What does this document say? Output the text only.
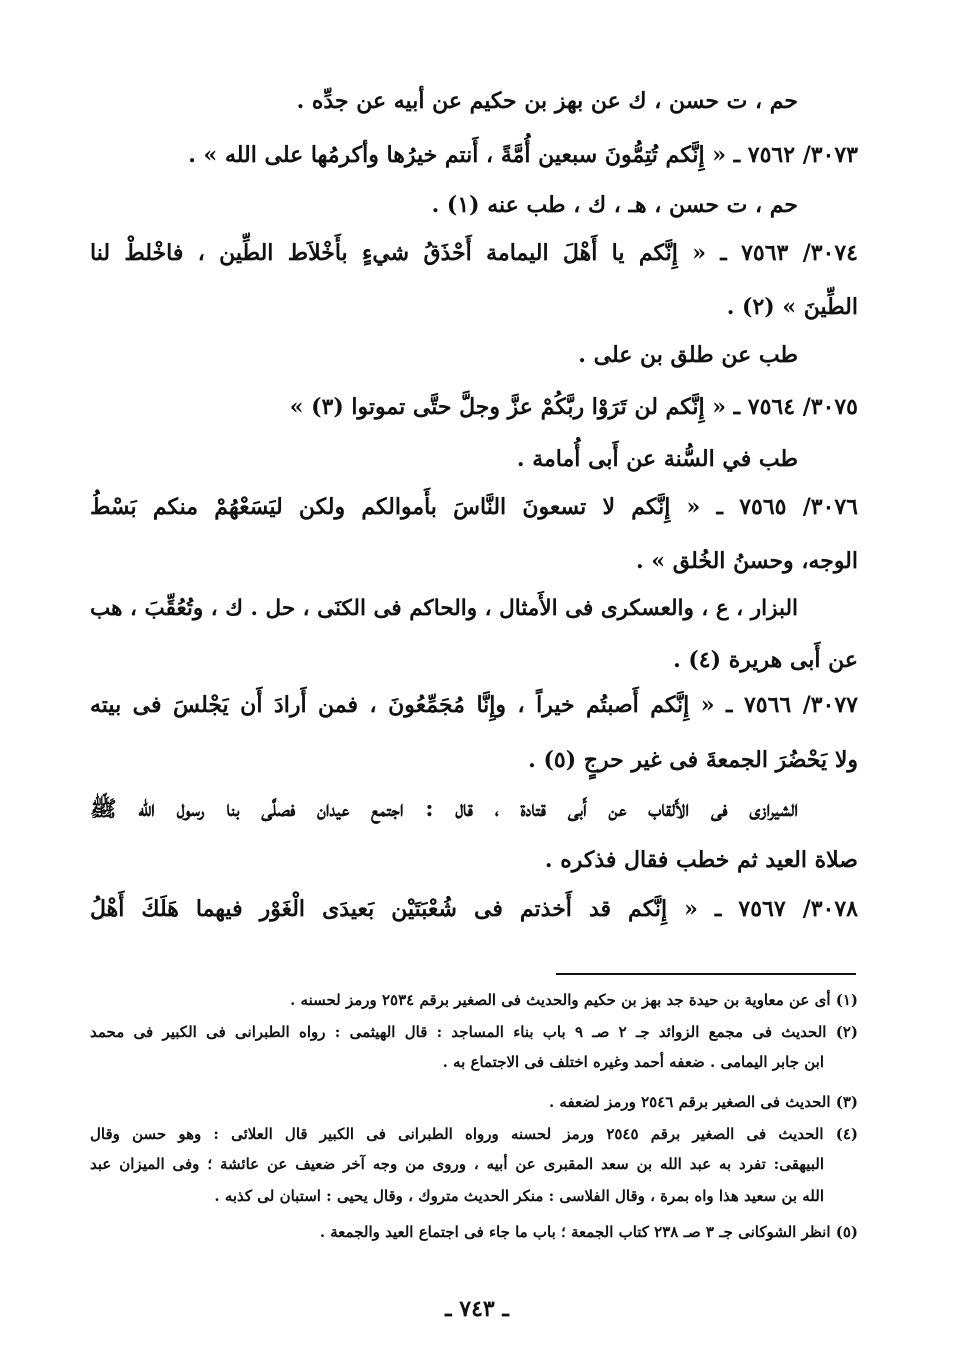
حم ، ت حسن ، ك عن بهز بن حكيم عن أبيه عن جدِّه .
٣٠٧٣/ ٧٥٦٢ ـ « إِنَّكم تُتِمُّونَ سبعين أُمَّةً ، أَنتم خيرُها وأكرمُها على الله » .
حم ، ت حسن ، هـ ، ك ، طب عنه (١) .
٣٠٧٤/ ٧٥٦٣ ـ « إِنَّكم يا أَهْلَ اليمامة أَحْذَقُ شيءٍ بأَخْلاَط الطِّين ، فاخْلطْ لنا
الطِّينَ » (٢) .
طب عن طلق بن على .
٣٠٧٥/ ٧٥٦٤ ـ « إِنَّكم لن تَرَوْا ربَّكُمْ عزَّ وجلَّ حتَّى تموتوا (٣) »
طب في السُّنة عن أَبى أُمامة .
٣٠٧٦/ ٧٥٦٥ ـ « إِنَّكم لا تسعونَ النَّاسَ بأَموالكم ولكن ليَسَعْهُمْ منكم بَسْطُ
الوجه، وحسنُ الخُلق » .
البزار ، ع ، والعسكرى فى الأَمثال ، والحاكم فى الكنَى ، حل . ك ، وتُعُقِّبَ ، هب
عن أَبى هريرة (٤) .
٣٠٧٧/ ٧٥٦٦ ـ « إِنَّكم أَصبتُم خيراً ، وإِنَّا مُجَمِّعُونَ ، فمن أَرادَ أَن يَجْلسَ فى بيته
ولا يَحْضُرَ الجمعةَ فى غير حرجٍ (٥) .
الشيرازى فى الأَلقاب عن أَبى قتادة ، قال : اجتمع عيدان فصلَّى بنا رسول الله ﷺ
صلاة العيد ثم خطب فقال فذكره .
٣٠٧٨/ ٧٥٦٧ ـ « إِنَّكم قد أَخذتم فى شُعْبَتَيْن بَعيدَى الْغَوْر فيهما هَلَكَ أَهْلُ
(١) أى عن معاوية بن حيدة جد بهز بن حكيم والحديث فى الصغير برقم ٢٥٣٤ ورمز لحسنه .
(٢) الحديث فى مجمع الزوائد جـ ٢ صـ ٩ باب بناء المساجد : قال الهيثمى : رواه الطبرانى فى الكبير فى محمد
ابن جابر اليمامى . ضعفه أحمد وغيره اختلف فى الاجتماع به .
(٣) الحديث فى الصغير برقم ٢٥٤٦ ورمز لضعفه .
(٤) الحديث فى الصغير برقم ٢٥٤٥ ورمز لحسنه ورواه الطبرانى فى الكبير قال العلائى : وهو حسن وقال
البيهقى: تفرد به عبد الله بن سعد المقبرى عن أبيه ، وروى من وجه آخر ضعيف عن عائشة ؛ وفى الميزان عبد
الله بن سعيد هذا واه بمرة ، وقال الفلاسى : منكر الحديث متروك ، وقال يحيى : استبان لى كذبه .
(٥) انظر الشوكانى جـ ٣ صـ ٢٣٨ كتاب الجمعة ؛ باب ما جاء فى اجتماع العيد والجمعة .
ـ ٧٤٣ ـ
